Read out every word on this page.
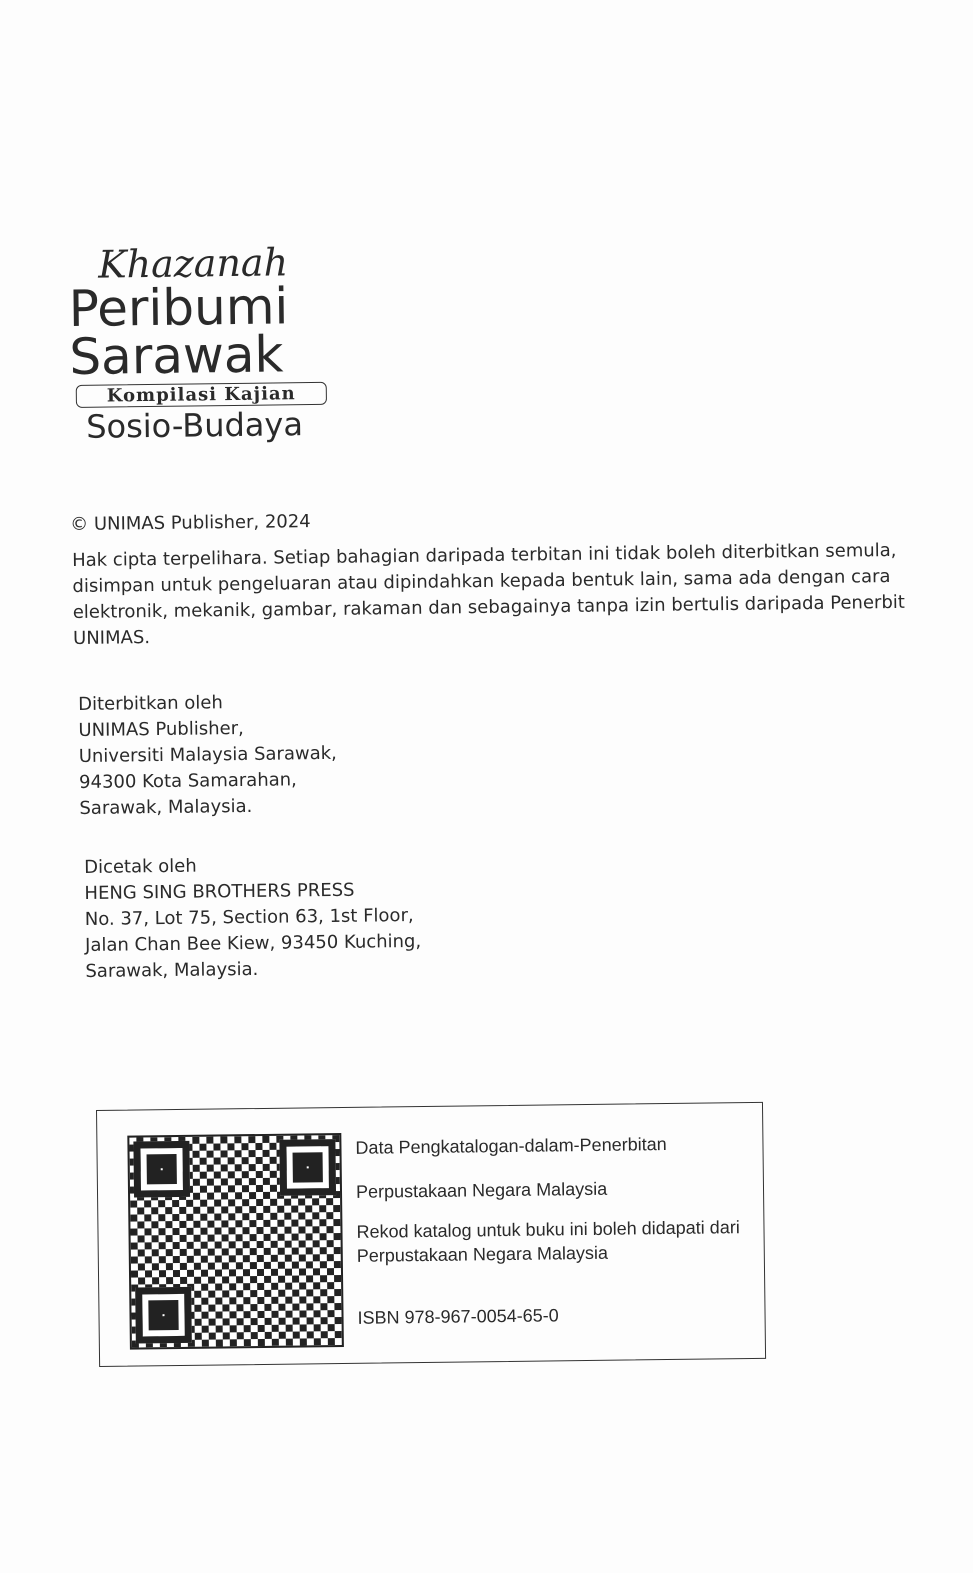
Khazanah
Peribumi
Sarawak
Kompilasi Kajian
Sosio-Budaya
© UNIMAS Publisher, 2024
Hak cipta terpelihara. Setiap bahagian daripada terbitan ini tidak boleh diterbitkan semula, disimpan untuk pengeluaran atau dipindahkan kepada bentuk lain, sama ada dengan cara elektronik, mekanik, gambar, rakaman dan sebagainya tanpa izin bertulis daripada Penerbit UNIMAS.
Diterbitkan oleh
UNIMAS Publisher,
Universiti Malaysia Sarawak,
94300 Kota Samarahan,
Sarawak, Malaysia.
Dicetak oleh
HENG SING BROTHERS PRESS
No. 37, Lot 75, Section 63, 1st Floor,
Jalan Chan Bee Kiew, 93450 Kuching,
Sarawak, Malaysia.
Data Pengkatalogan-dalam-Penerbitan
Perpustakaan Negara Malaysia
Rekod katalog untuk buku ini boleh didapati dari Perpustakaan Negara Malaysia
ISBN 978-967-0054-65-0
